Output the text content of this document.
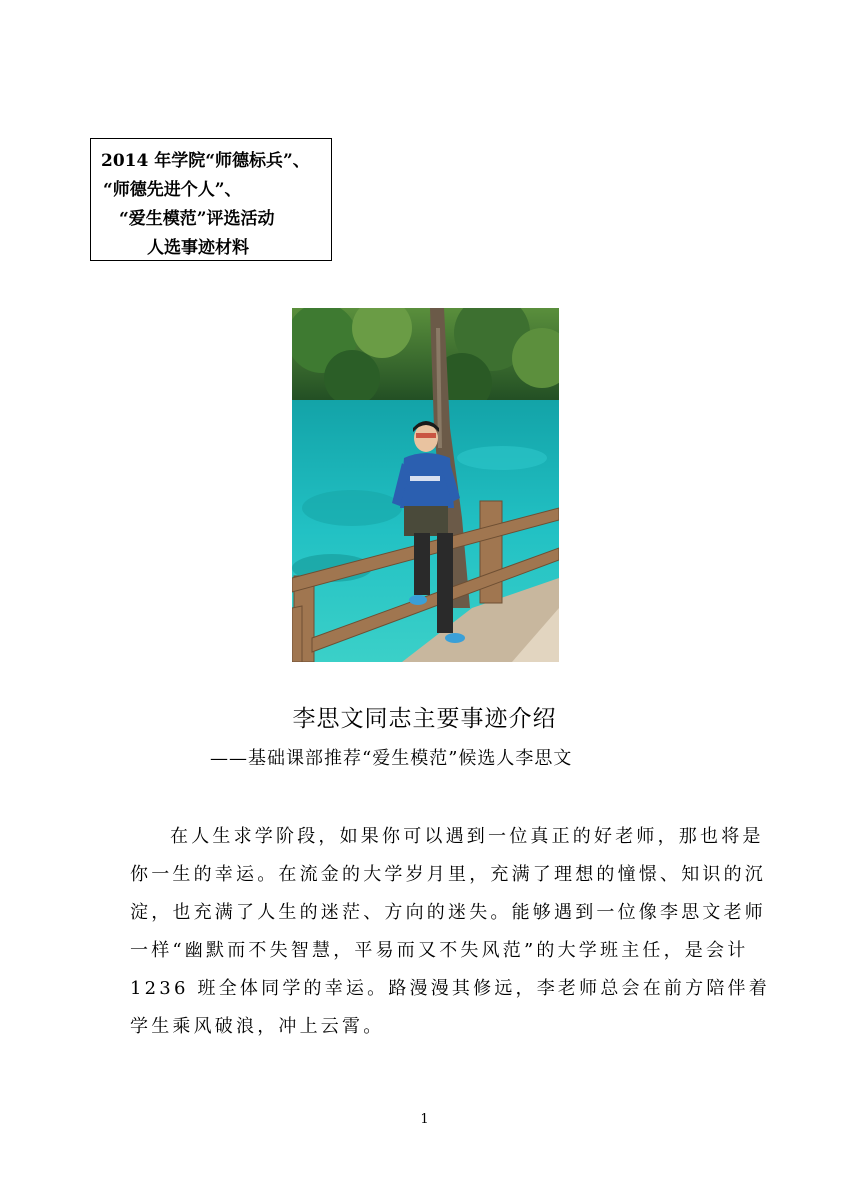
2014 年学院“师德标兵”、
“师德先进个人”、
“爱生模范”评选活动
人选事迹材料
李思文同志主要事迹介绍
——基础课部推荐“爱生模范”候选人李思文
在人生求学阶段，如果你可以遇到一位真正的好老师，那也将是
你一生的幸运。在流金的大学岁月里，充满了理想的憧憬、知识的沉
淀，也充满了人生的迷茫、方向的迷失。能够遇到一位像李思文老师
一样“幽默而不失智慧，平易而又不失风范”的大学班主任，是会计
1236 班全体同学的幸运。路漫漫其修远，李老师总会在前方陪伴着
学生乘风破浪，冲上云霄。
1
